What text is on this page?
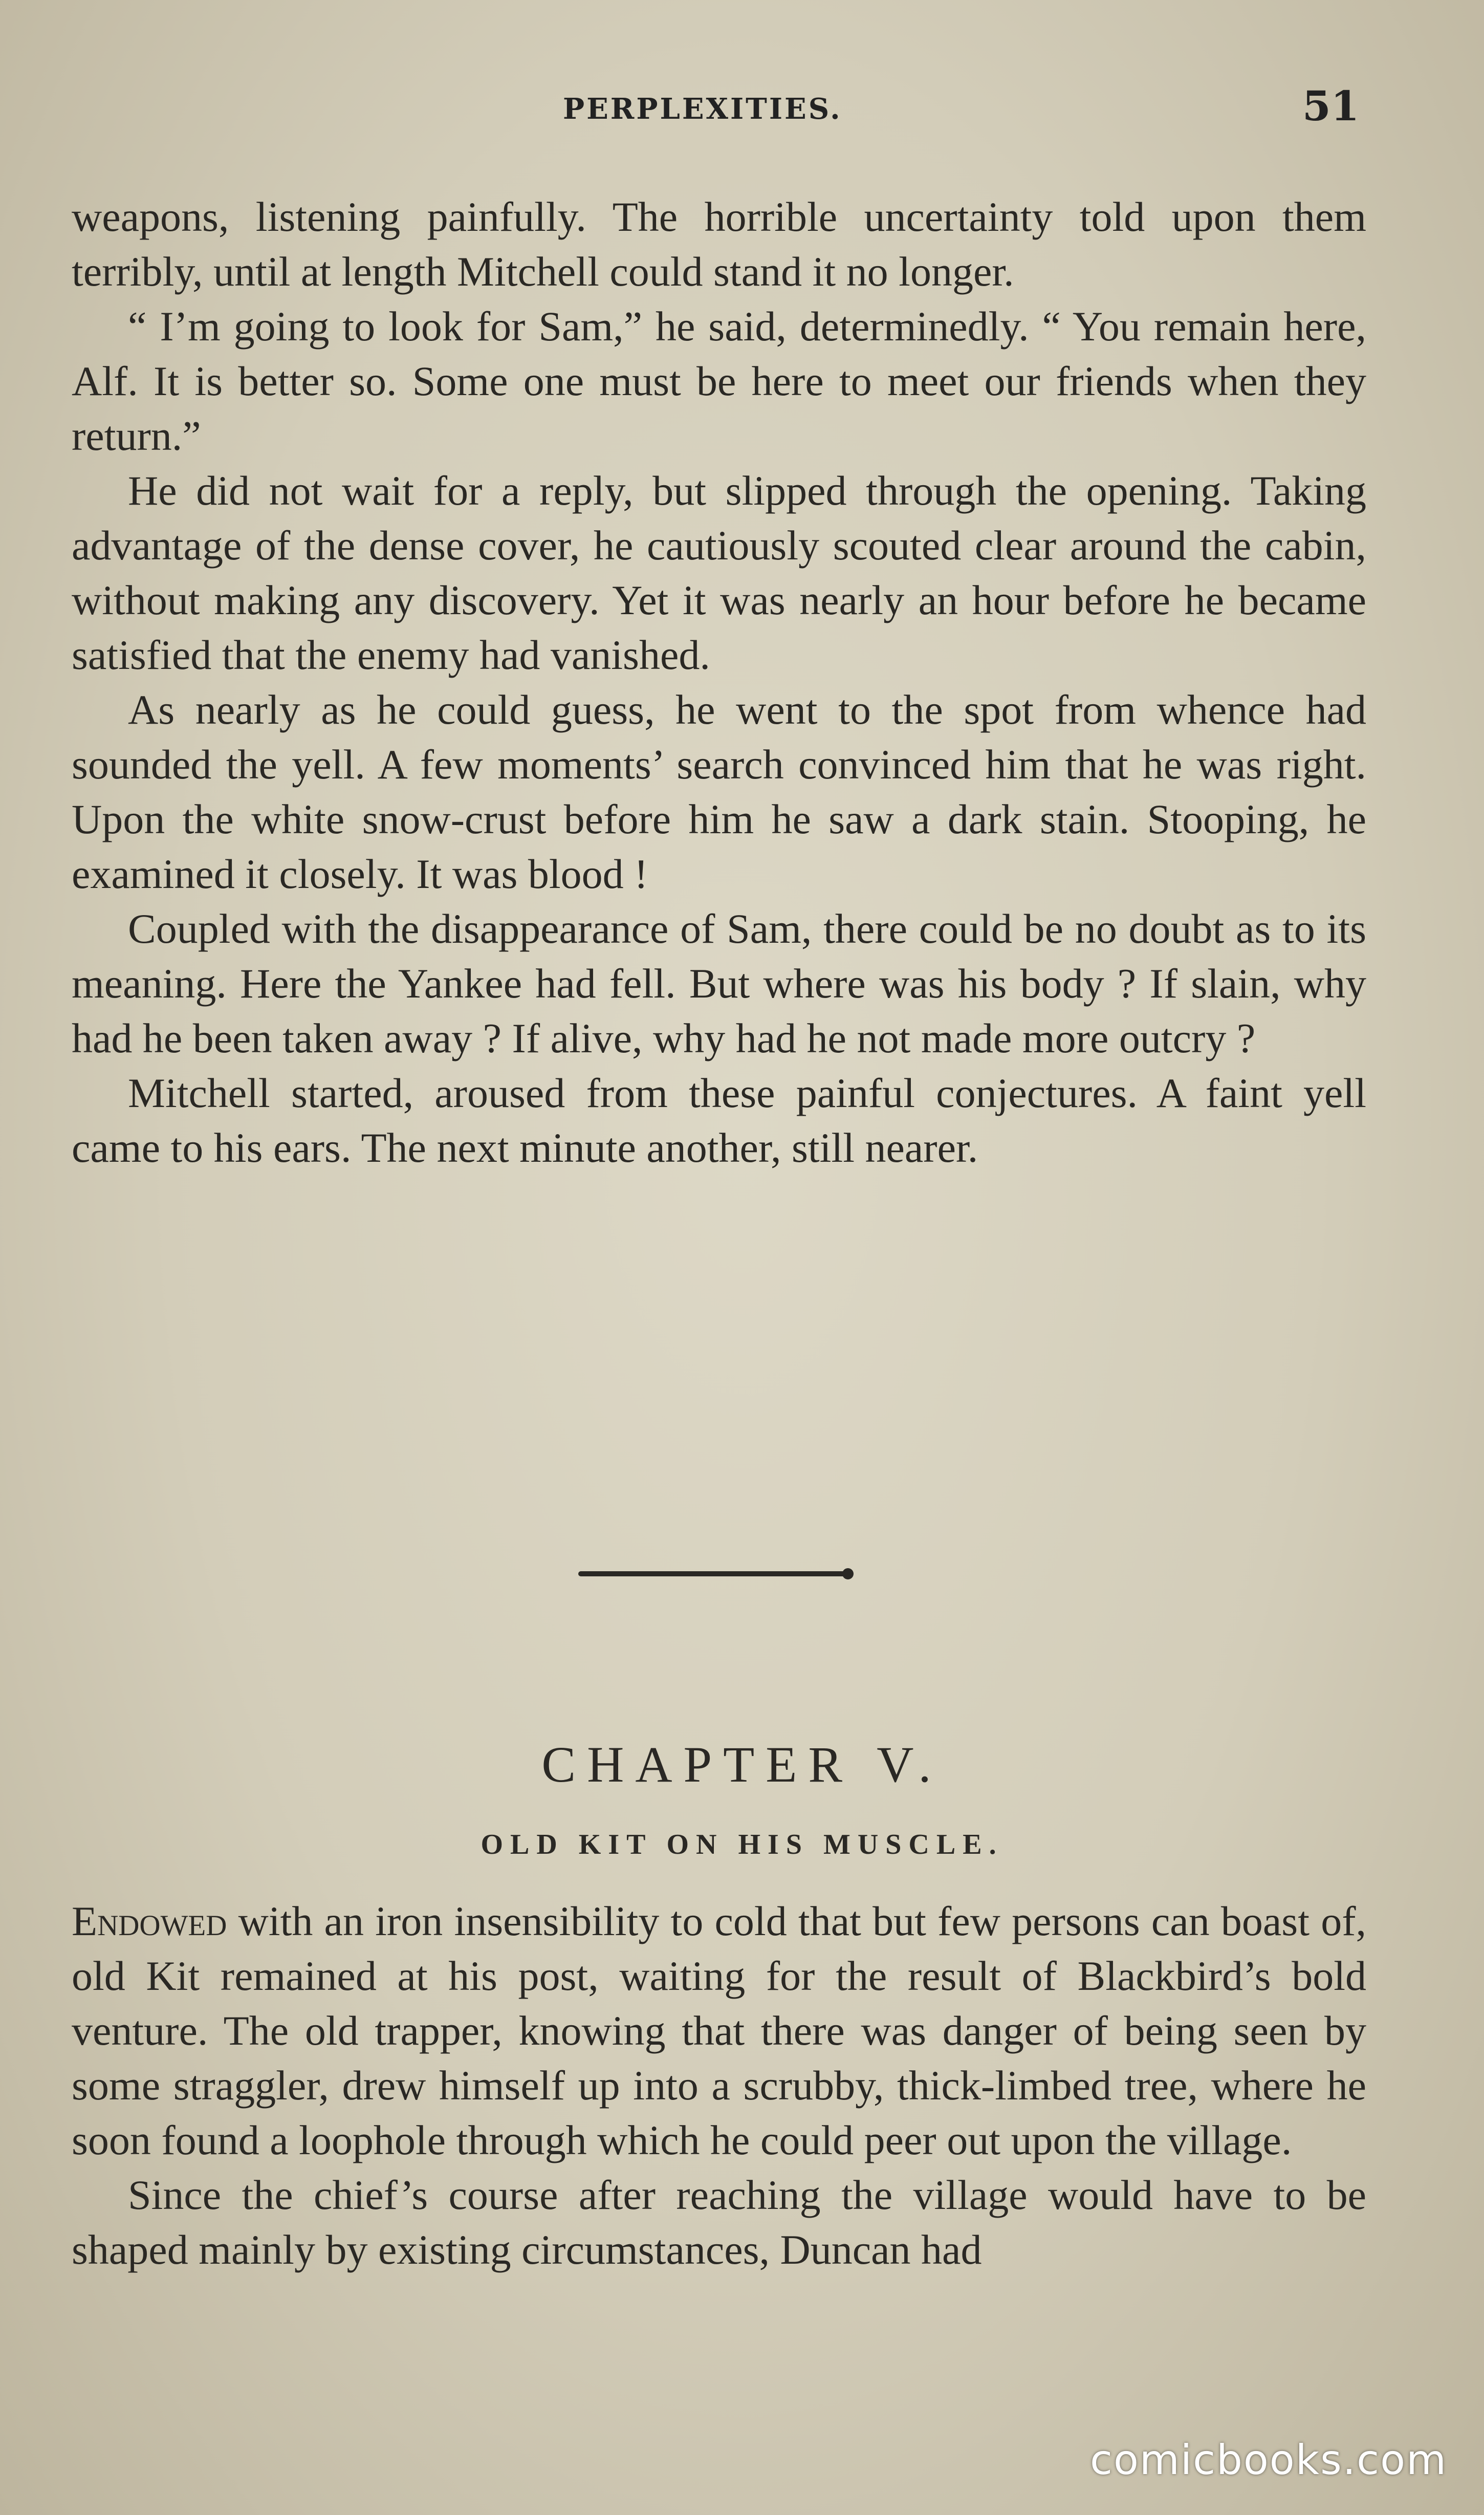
PERPLEXITIES.	51

weapons, listening painfully. The horrible uncertainty told upon them terribly, until at length Mitchell could stand it no longer.

“ I’m going to look for Sam,” he said, determinedly. “ You remain here, Alf. It is better so. Some one must be here to meet our friends when they return.”

He did not wait for a reply, but slipped through the opening. Taking advantage of the dense cover, he cautiously scouted clear around the cabin, without making any discovery. Yet it was nearly an hour before he became satisfied that the enemy had vanished.

As nearly as he could guess, he went to the spot from whence had sounded the yell. A few moments’ search convinced him that he was right. Upon the white snow-crust before him he saw a dark stain. Stooping, he examined it closely. It was blood !

Coupled with the disappearance of Sam, there could be no doubt as to its meaning. Here the Yankee had fell. But where was his body ? If slain, why had he been taken away ? If alive, why had he not made more outcry ?

Mitchell started, aroused from these painful conjectures. A faint yell came to his ears. The next minute another, still nearer.

CHAPTER V.
OLD KIT ON HIS MUSCLE.

Endowed with an iron insensibility to cold that but few persons can boast of, old Kit remained at his post, waiting for the result of Blackbird’s bold venture. The old trapper, knowing that there was danger of being seen by some straggler, drew himself up into a scrubby, thick-limbed tree, where he soon found a loophole through which he could peer out upon the village.

Since the chief’s course after reaching the village would have to be shaped mainly by existing circumstances, Duncan had

comicbooks.com
